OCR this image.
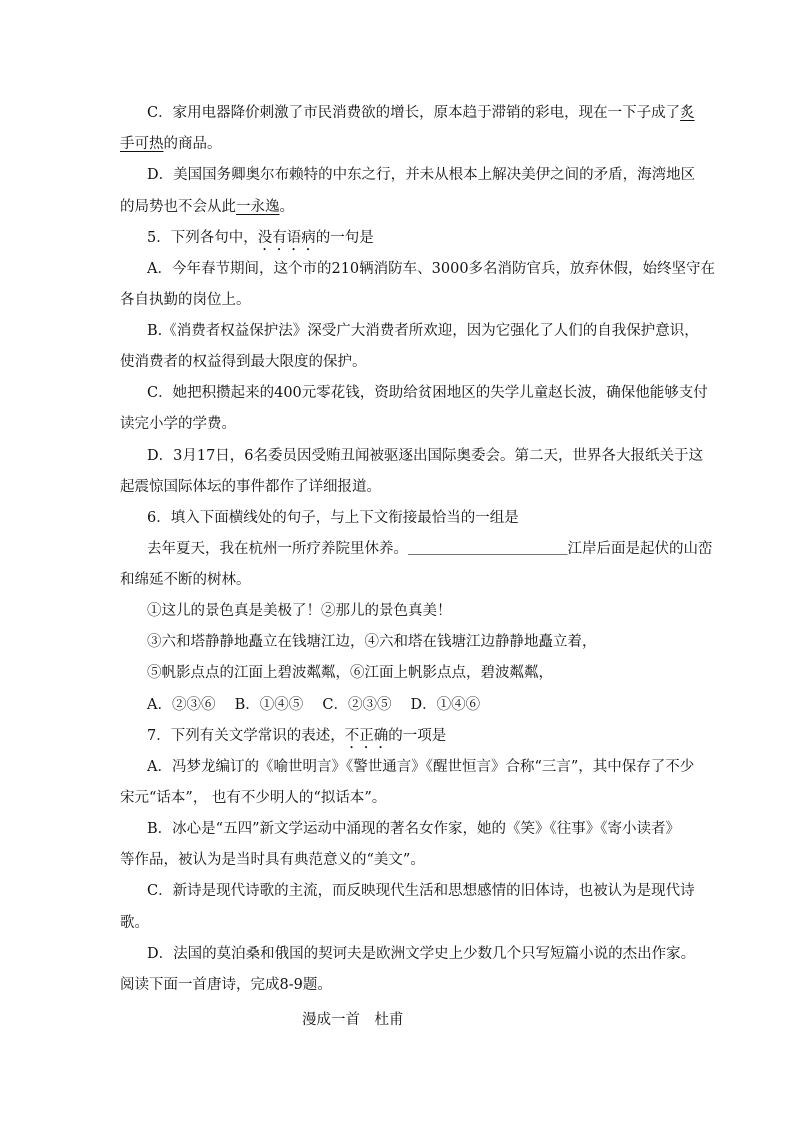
C．家用电器降价刺激了市民消费欲的增长，原本趋于滞销的彩电，现在一下子成了炙
手可热的商品。
D．美国国务卿奥尔布赖特的中东之行，并未从根本上解决美伊之间的矛盾，海湾地区
的局势也不会从此一永逸。
5．下列各句中，没有语病的一句是
A．今年春节期间，这个市的210辆消防车、3000多名消防官兵，放弃休假，始终坚守在
各自执勤的岗位上。
B.《消费者权益保护法》深受广大消费者所欢迎，因为它强化了人们的自我保护意识，
使消费者的权益得到最大限度的保护。
C．她把积攒起来的400元零花钱，资助给贫困地区的失学儿童赵长波，确保他能够支付
读完小学的学费。
D．3月17日，6名委员因受贿丑闻被驱逐出国际奥委会。第二天，世界各大报纸关于这
起震惊国际体坛的事件都作了详细报道。
6．填入下面横线处的句子，与上下文衔接最恰当的一组是
去年夏天，我在杭州一所疗养院里休养。＿＿＿＿＿＿＿＿＿＿＿江岸后面是起伏的山峦
和绵延不断的树林。
①这儿的景色真是美极了！②那儿的景色真美！
③六和塔静静地矗立在钱塘江边，④六和塔在钱塘江边静静地矗立着，
⑤帆影点点的江面上碧波粼粼，⑥江面上帆影点点，碧波粼粼，
A．②③⑥　 B．①④⑤　 C．②③⑤　 D．①④⑥
7．下列有关文学常识的表述，不正确的一项是
A．冯梦龙编订的《喻世明言》《警世通言》《醒世恒言》合称“三言”，其中保存了不少
宋元“话本”， 也有不少明人的“拟话本”。
B．冰心是“五四”新文学运动中涌现的著名女作家，她的《笑》《往事》《寄小读者》
等作品，被认为是当时具有典范意义的“美文”。
C．新诗是现代诗歌的主流，而反映现代生活和思想感情的旧体诗，也被认为是现代诗
歌。
D．法国的莫泊桑和俄国的契诃夫是欧洲文学史上少数几个只写短篇小说的杰出作家。
阅读下面一首唐诗，完成8-9题。
漫成一首　杜甫
